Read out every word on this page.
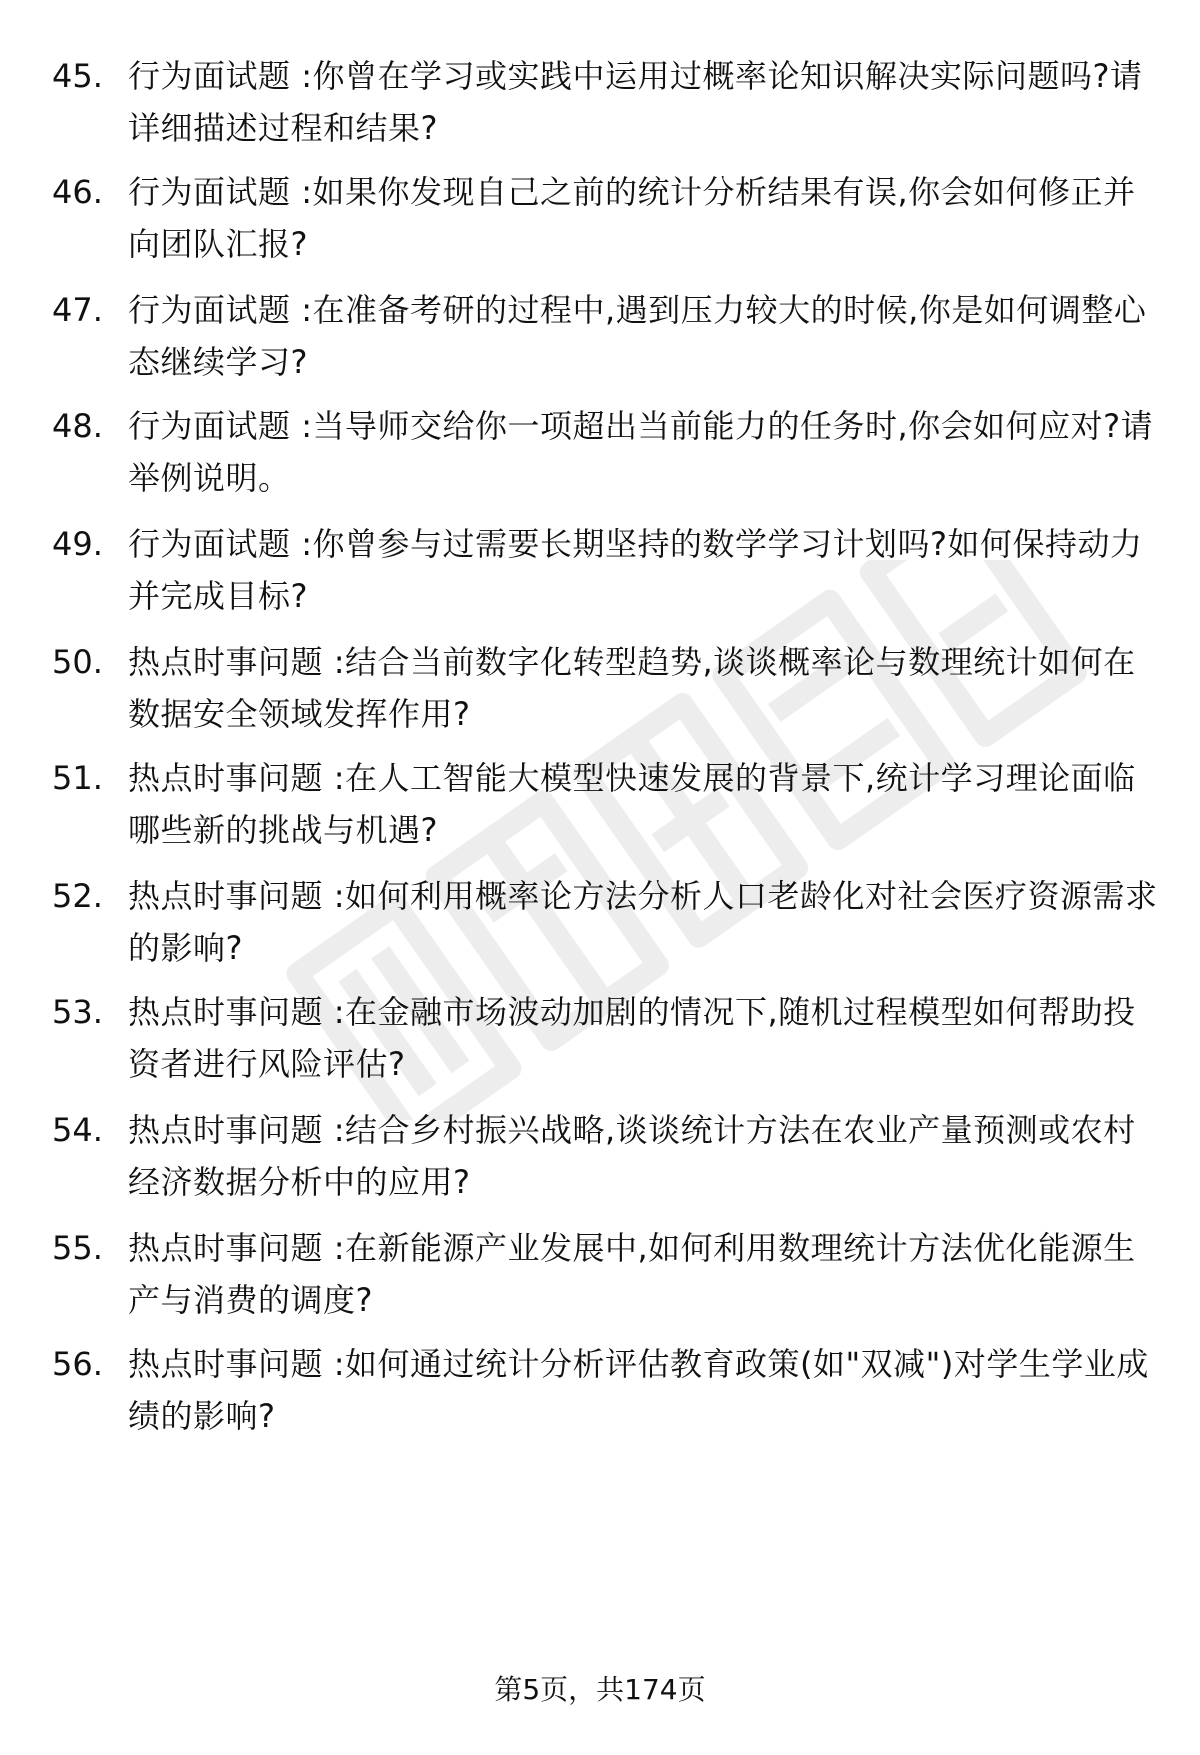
45. 行为面试题 :你曾在学习或实践中运用过概率论知识解决实际问题吗?请详细描述过程和结果?
46. 行为面试题 :如果你发现自己之前的统计分析结果有误,你会如何修正并向团队汇报?
47. 行为面试题 :在准备考研的过程中,遇到压力较大的时候,你是如何调整心态继续学习?
48. 行为面试题 :当导师交给你一项超出当前能力的任务时,你会如何应对?请举例说明。
49. 行为面试题 :你曾参与过需要长期坚持的数学学习计划吗?如何保持动力并完成目标?
50. 热点时事问题 :结合当前数字化转型趋势,谈谈概率论与数理统计如何在数据安全领域发挥作用?
51. 热点时事问题 :在人工智能大模型快速发展的背景下,统计学习理论面临哪些新的挑战与机遇?
52. 热点时事问题 :如何利用概率论方法分析人口老龄化对社会医疗资源需求的影响?
53. 热点时事问题 :在金融市场波动加剧的情况下,随机过程模型如何帮助投资者进行风险评估?
54. 热点时事问题 :结合乡村振兴战略,谈谈统计方法在农业产量预测或农村经济数据分析中的应用?
55. 热点时事问题 :在新能源产业发展中,如何利用数理统计方法优化能源生产与消费的调度?
56. 热点时事问题 :如何通过统计分析评估教育政策(如"双减")对学生学业成绩的影响?
第5页，共174页
